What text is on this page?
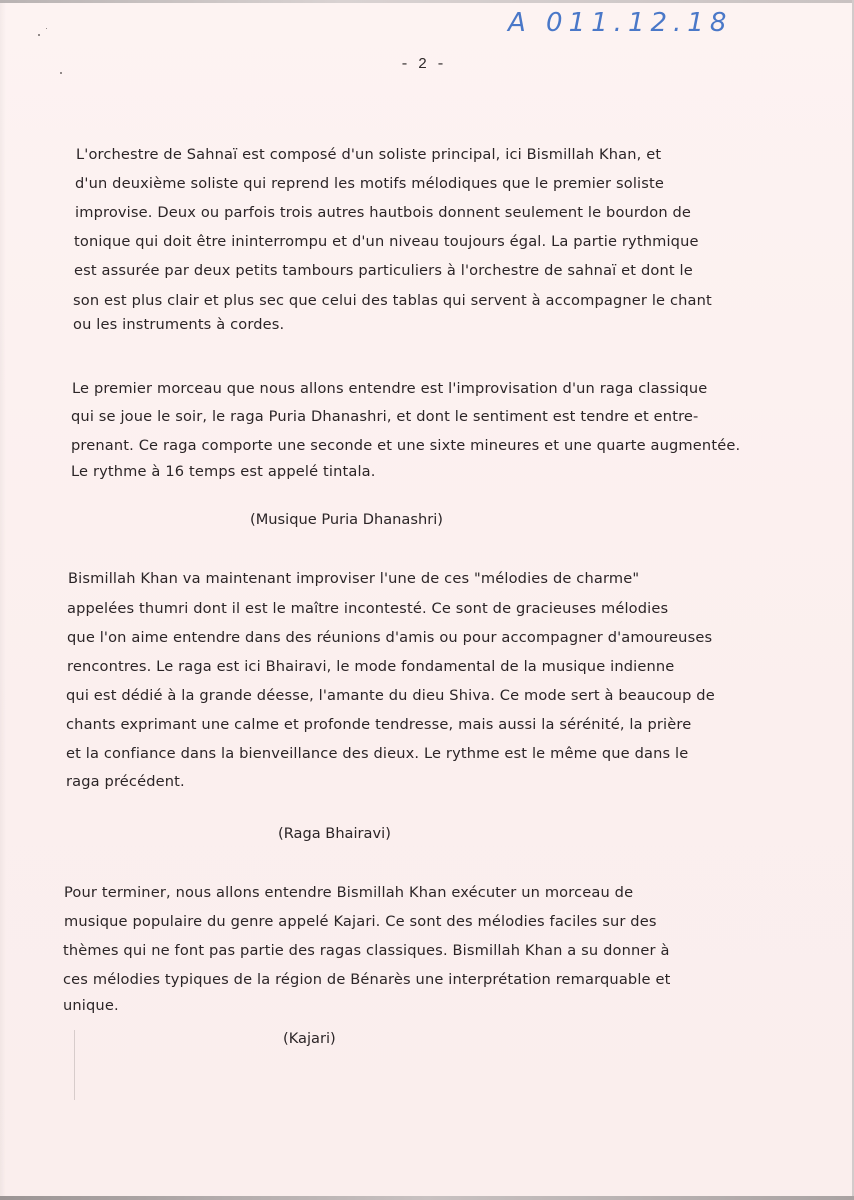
A 011.12.18
- 2 -
L'orchestre de Sahnaï est composé d'un soliste principal, ici Bismillah Khan, et
d'un deuxième soliste qui reprend les motifs mélodiques que le premier soliste
improvise. Deux ou parfois trois autres hautbois donnent seulement le bourdon de
tonique qui doit être ininterrompu et d'un niveau toujours égal. La partie rythmique
est assurée par deux petits tambours particuliers à l'orchestre de sahnaï et dont le
son est plus clair et plus sec que celui des tablas qui servent à accompagner le chant
ou les instruments à cordes.
Le premier morceau que nous allons entendre est l'improvisation d'un raga classique
qui se joue le soir, le raga Puria Dhanashri, et dont le sentiment est tendre et entre-
prenant. Ce raga comporte une seconde et une sixte mineures et une quarte augmentée.
Le rythme à 16 temps est appelé tintala.
(Musique Puria Dhanashri)
Bismillah Khan va maintenant improviser l'une de ces "mélodies de charme"
appelées thumri dont il est le maître incontesté. Ce sont de gracieuses mélodies
que l'on aime entendre dans des réunions d'amis ou pour accompagner d'amoureuses
rencontres. Le raga est ici Bhairavi, le mode fondamental de la musique indienne
qui est dédié à la grande déesse, l'amante du dieu Shiva. Ce mode sert à beaucoup de
chants exprimant une calme et profonde tendresse, mais aussi la sérénité, la prière
et la confiance dans la bienveillance des dieux. Le rythme est le même que dans le
raga précédent.
(Raga Bhairavi)
Pour terminer, nous allons entendre Bismillah Khan exécuter un morceau de
musique populaire du genre appelé Kajari. Ce sont des mélodies faciles sur des
thèmes qui ne font pas partie des ragas classiques. Bismillah Khan a su donner à
ces mélodies typiques de la région de Bénarès une interprétation remarquable et
unique.
(Kajari)
